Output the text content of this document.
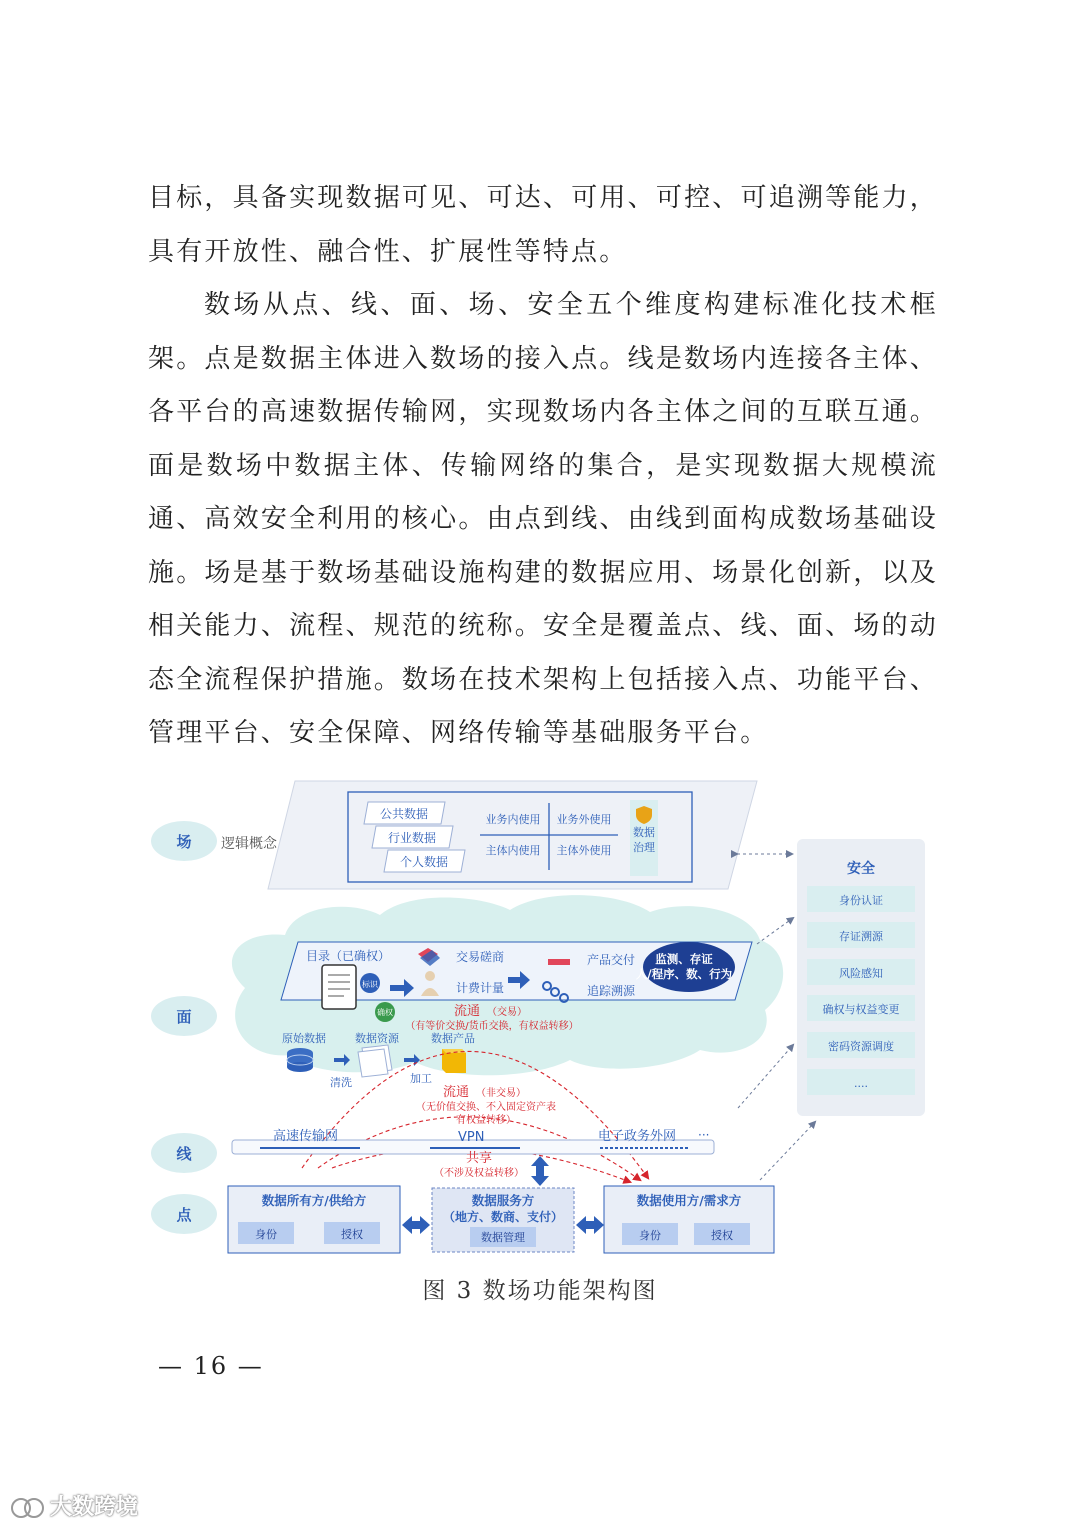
目标，具备实现数据可见、可达、可用、可控、可追溯等能力，具有开放性、融合性、扩展性等特点。
数场从点、线、面、场、安全五个维度构建标准化技术框架。点是数据主体进入数场的接入点。线是数场内连接各主体、各平台的高速数据传输网，实现数场内各主体之间的互联互通。面是数场中数据主体、传输网络的集合，是实现数据大规模流通、高效安全利用的核心。由点到线、由线到面构成数场基础设施。场是基于数场基础设施构建的数据应用、场景化创新，以及相关能力、流程、规范的统称。安全是覆盖点、线、面、场的动态全流程保护措施。数场在技术架构上包括接入点、功能平台、管理平台、安全保障、网络传输等基础服务平台。
场
面
线
点
逻辑概念
公共数据
行业数据
个人数据
业务内使用 业务外使用
主体内使用 主体外使用
数据
治理
目录（已确权）
标识
确权
交易磋商
计费计量
产品交付
追踪溯源
监测、存证
人/程序、数、行为
原始数据	数据资源	数据产品
清洗	加工
流通 （交易）
（有等价交换/货币交换，有权益转移）
流通 （非交易）
（无价值交换、不入固定资产表
有权益转移）
高速传输网	VPN	电子政务外网 ···
共享
（不涉及权益转移）
数据所有方/供给方
身份	授权
数据服务方
（地方、数商、支付）
数据管理
数据使用方/需求方
身份	授权
安全
身份认证
存证溯源
风险感知
确权与权益变更
密码资源调度
....
图 3 数场功能架构图
— 16 —
大数跨境
